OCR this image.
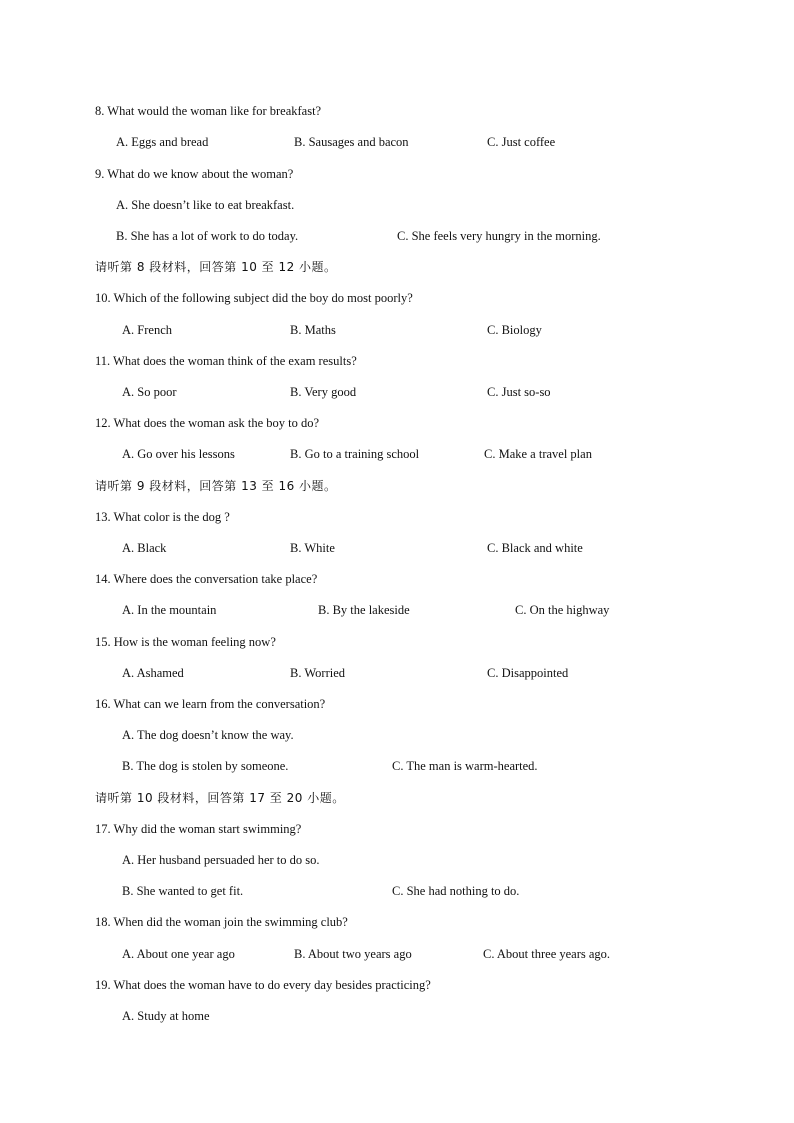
8. What would the woman like for breakfast?
A. Eggs and bread	B. Sausages and bacon	C. Just coffee
9. What do we know about the woman?
A. She doesn’t like to eat breakfast.
B. She has a lot of work to do today.	C. She feels very hungry in the morning.
请听第 8 段材料，回答第 10 至 12 小题。
10. Which of the following subject did the boy do most poorly?
A. French	B. Maths	C. Biology
11. What does the woman think of the exam results?
A. So poor	B. Very good	C. Just so-so
12. What does the woman ask the boy to do?
A. Go over his lessons	B. Go to a training school	C. Make a travel plan
请听第 9 段材料，回答第 13 至 16 小题。
13. What color is the dog ?
A. Black	B. White	C. Black and white
14. Where does the conversation take place?
A. In the mountain	B. By the lakeside	C. On the highway
15. How is the woman feeling now?
A. Ashamed	B. Worried	C. Disappointed
16. What can we learn from the conversation?
A. The dog doesn’t know the way.
B. The dog is stolen by someone.	C. The man is warm-hearted.
请听第 10 段材料，回答第 17 至 20 小题。
17. Why did the woman start swimming?
A. Her husband persuaded her to do so.
B. She wanted to get fit.	C. She had nothing to do.
18. When did the woman join the swimming club?
A. About one year ago	B. About two years ago	C. About three years ago.
19. What does the woman have to do every day besides practicing?
A. Study at home
